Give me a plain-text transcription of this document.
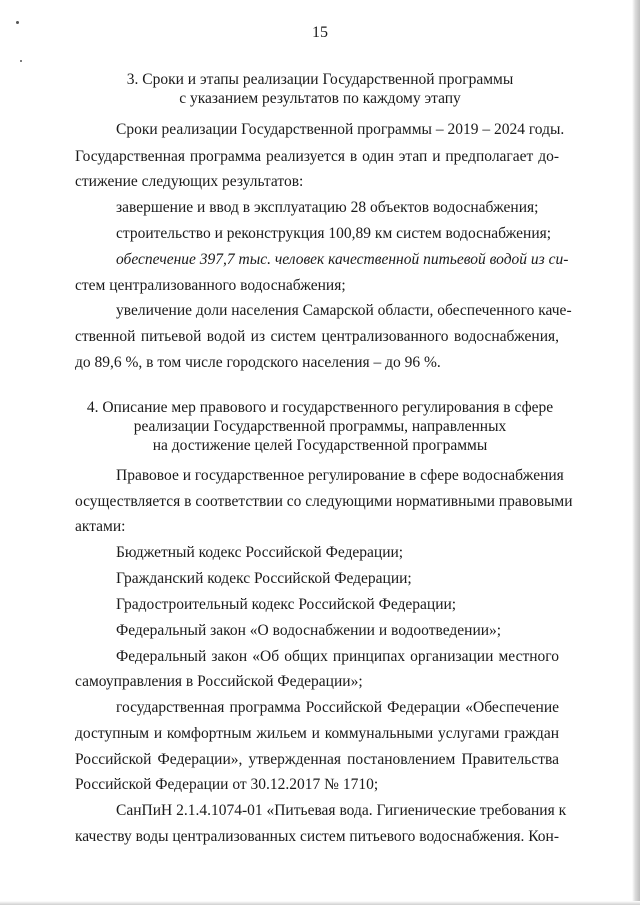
15
3. Сроки и этапы реализации Государственной программы
с указанием результатов по каждому этапу
Сроки реализации Государственной программы – 2019 – 2024 годы.
Государственная программа реализуется в один этап и предполагает до-
стижение следующих результатов:
завершение и ввод в эксплуатацию 28 объектов водоснабжения;
строительство и реконструкция 100,89 км систем водоснабжения;
обеспечение 397,7 тыс. человек качественной питьевой водой из си-
стем централизованного водоснабжения;
увеличение доли населения Самарской области, обеспеченного каче-
ственной питьевой водой из систем централизованного водоснабжения,
до 89,6 %, в том числе городского населения – до 96 %.
4. Описание мер правового и государственного регулирования в сфере
реализации Государственной программы, направленных
на достижение целей Государственной программы
Правовое и государственное регулирование в сфере водоснабжения
осуществляется в соответствии со следующими нормативными правовыми
актами:
Бюджетный кодекс Российской Федерации;
Гражданский кодекс Российской Федерации;
Градостроительный кодекс Российской Федерации;
Федеральный закон «О водоснабжении и водоотведении»;
Федеральный закон «Об общих принципах организации местного
самоуправления в Российской Федерации»;
государственная программа Российской Федерации «Обеспечение
доступным и комфортным жильем и коммунальными услугами граждан
Российской Федерации», утвержденная постановлением Правительства
Российской Федерации от 30.12.2017 № 1710;
СанПиН 2.1.4.1074-01 «Питьевая вода. Гигиенические требования к
качеству воды централизованных систем питьевого водоснабжения. Кон-
